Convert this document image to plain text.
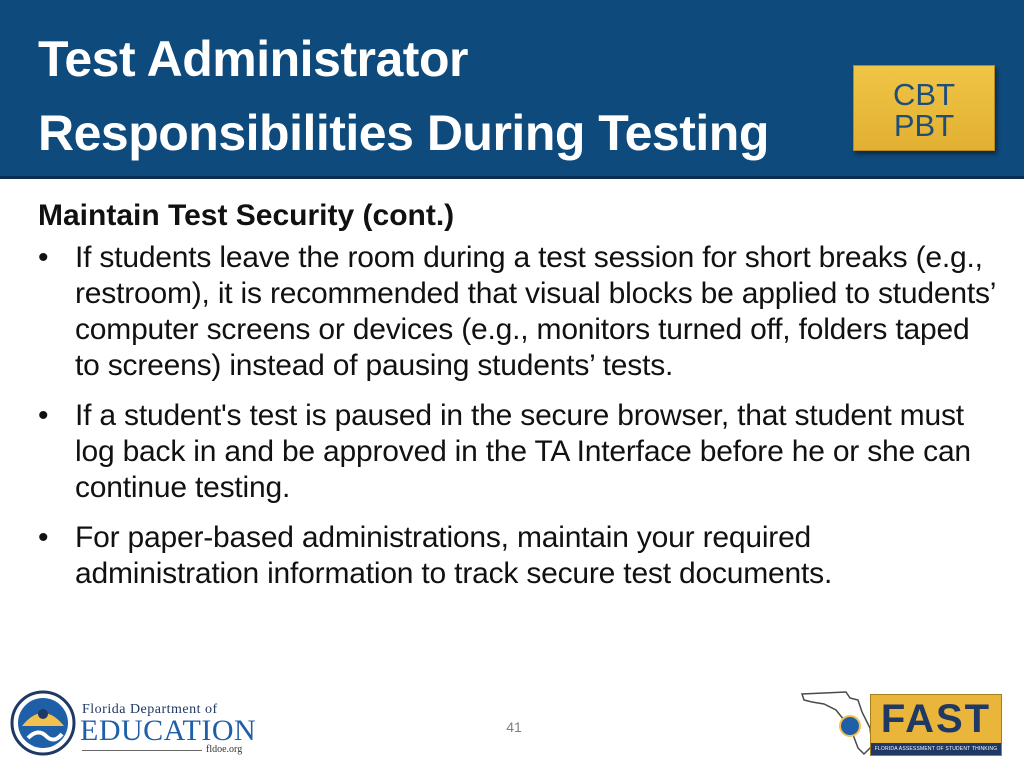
Test Administrator
Responsibilities During Testing
CBT
PBT

Maintain Test Security (cont.)

• If students leave the room during a test session for short breaks (e.g., restroom), it is recommended that visual blocks be applied to students’ computer screens or devices (e.g., monitors turned off, folders taped to screens) instead of pausing students’ tests.
• If a student's test is paused in the secure browser, that student must log back in and be approved in the TA Interface before he or she can continue testing.
• For paper-based administrations, maintain your required administration information to track secure test documents.
Florida Department of
EDUCATION
fldoe.org
41	FAST
FLORIDA ASSESSMENT OF STUDENT THINKING
